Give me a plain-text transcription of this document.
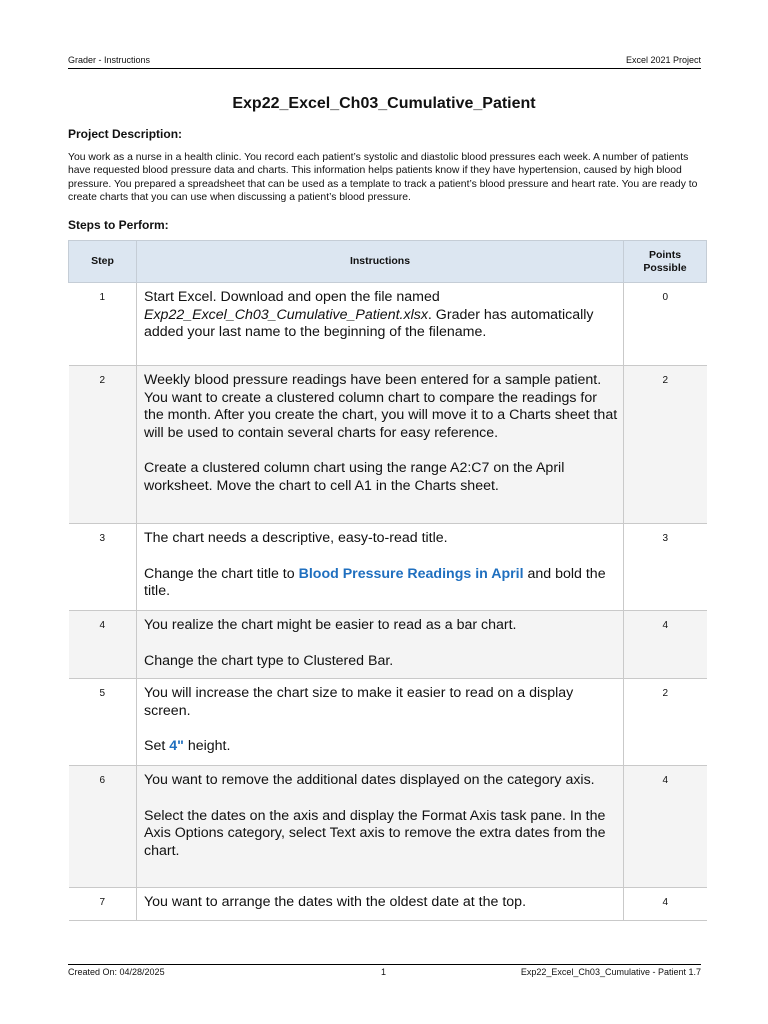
Grader - Instructions	Excel 2021 Project
Exp22_Excel_Ch03_Cumulative_Patient
Project Description:
You work as a nurse in a health clinic. You record each patient’s systolic and diastolic blood pressures each week. A number of patients have requested blood pressure data and charts. This information helps patients know if they have hypertension, caused by high blood pressure. You prepared a spreadsheet that can be used as a template to track a patient’s blood pressure and heart rate. You are ready to create charts that you can use when discussing a patient’s blood pressure.
Steps to Perform:
Step	Instructions	Points
Possible
1	Start Excel. Download and open the file named Exp22_Excel_Ch03_Cumulative_Patient.xlsx. Grader has automatically added your last name to the beginning of the filename.	0
2	Weekly blood pressure readings have been entered for a sample patient. You want to create a clustered column chart to compare the readings for the month. After you create the chart, you will move it to a Charts sheet that will be used to contain several charts for easy reference.
Create a clustered column chart using the range A2:C7 on the April worksheet. Move the chart to cell A1 in the Charts sheet.	2
3	The chart needs a descriptive, easy-to-read title.
Change the chart title to Blood Pressure Readings in April and bold the title.	3
4	You realize the chart might be easier to read as a bar chart.
Change the chart type to Clustered Bar.	4
5	You will increase the chart size to make it easier to read on a display screen.
Set 4" height.	2
6	You want to remove the additional dates displayed on the category axis.
Select the dates on the axis and display the Format Axis task pane. In the Axis Options category, select Text axis to remove the extra dates from the chart.	4
7	You want to arrange the dates with the oldest date at the top.	4
Created On: 04/28/2025	1	Exp22_Excel_Ch03_Cumulative - Patient 1.7
